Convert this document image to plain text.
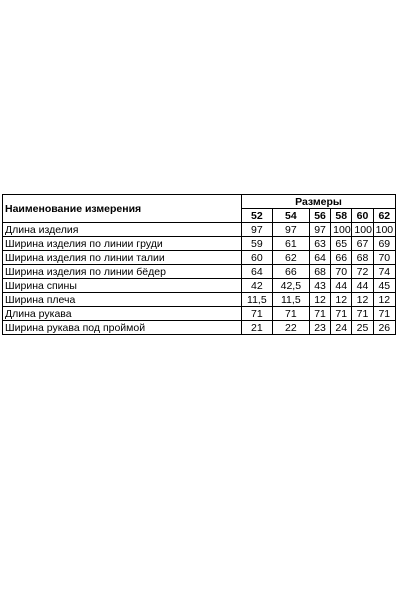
Наименование измерения	Размеры					
	52	54	56	58	60	62
Длина изделия	97	97	97	100	100	100
Ширина изделия по линии груди	59	61	63	65	67	69
Ширина изделия по линии талии	60	62	64	66	68	70
Ширина изделия по линии бёдер	64	66	68	70	72	74
Ширина спины	42	42,5	43	44	44	45
Ширина плеча	11,5	11,5	12	12	12	12
Длина рукава	71	71	71	71	71	71
Ширина рукава под проймой	21	22	23	24	25	26
